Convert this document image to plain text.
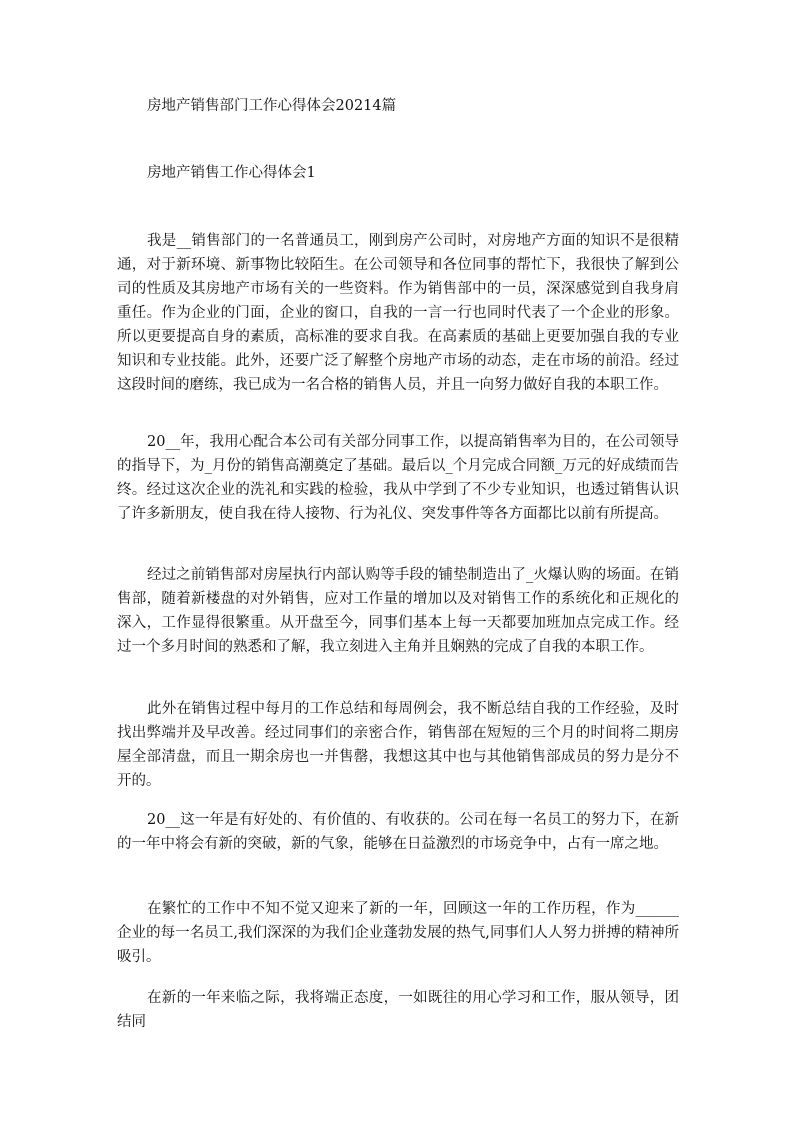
房地产销售部门工作心得体会20214篇
房地产销售工作心得体会1

我是__销售部门的一名普通员工，刚到房产公司时，对房地产方面的知识不是很精通，对于新环境、新事物比较陌生。在公司领导和各位同事的帮忙下，我很快了解到公司的性质及其房地产市场有关的一些资料。作为销售部中的一员，深深感觉到自我身肩重任。作为企业的门面，企业的窗口，自我的一言一行也同时代表了一个企业的形象。所以更要提高自身的素质，高标准的要求自我。在高素质的基础上更要加强自我的专业知识和专业技能。此外，还要广泛了解整个房地产市场的动态，走在市场的前沿。经过这段时间的磨练，我已成为一名合格的销售人员，并且一向努力做好自我的本职工作。

20__年，我用心配合本公司有关部分同事工作，以提高销售率为目的，在公司领导的指导下，为_月份的销售高潮奠定了基础。最后以_个月完成合同额_万元的好成绩而告终。经过这次企业的洗礼和实践的检验，我从中学到了不少专业知识，也透过销售认识了许多新朋友，使自我在待人接物、行为礼仪、突发事件等各方面都比以前有所提高。

经过之前销售部对房屋执行内部认购等手段的铺垫制造出了_火爆认购的场面。在销售部，随着新楼盘的对外销售，应对工作量的增加以及对销售工作的系统化和正规化的深入，工作显得很繁重。从开盘至今，同事们基本上每一天都要加班加点完成工作。经过一个多月时间的熟悉和了解，我立刻进入主角并且娴熟的完成了自我的本职工作。

此外在销售过程中每月的工作总结和每周例会，我不断总结自我的工作经验，及时找出弊端并及早改善。经过同事们的亲密合作，销售部在短短的三个月的时间将二期房屋全部清盘，而且一期余房也一并售罄，我想这其中也与其他销售部成员的努力是分不开的。

20__这一年是有好处的、有价值的、有收获的。公司在每一名员工的努力下，在新的一年中将会有新的突破，新的气象，能够在日益激烈的市场竞争中，占有一席之地。

在繁忙的工作中不知不觉又迎来了新的一年，回顾这一年的工作历程，作为______企业的每一名员工,我们深深的为我们企业蓬勃发展的热气,同事们人人努力拼搏的精神所吸引。

在新的一年来临之际，我将端正态度，一如既往的用心学习和工作，服从领导，团结同
